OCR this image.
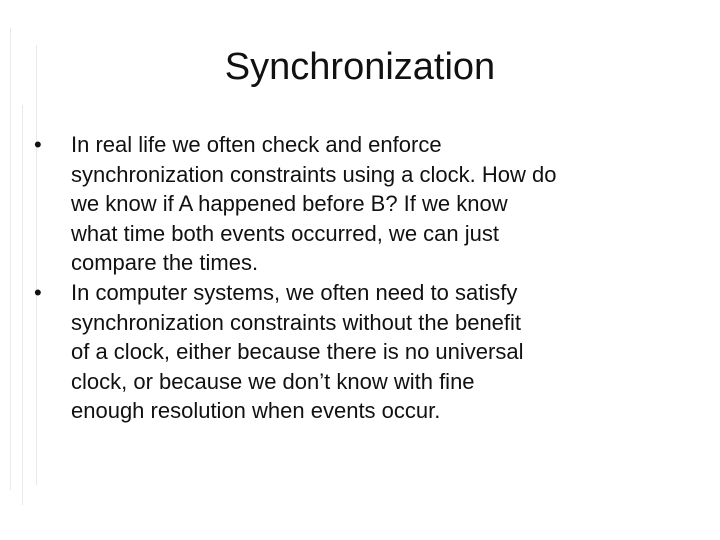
Synchronization
•	In real life we often check and enforce
synchronization constraints using a clock. How do
we know if A happened before B? If we know
what time both events occurred, we can just
compare the times.
•	In computer systems, we often need to satisfy
synchronization constraints without the benefit
of a clock, either because there is no universal
clock, or because we don’t know with fine
enough resolution when events occur.
